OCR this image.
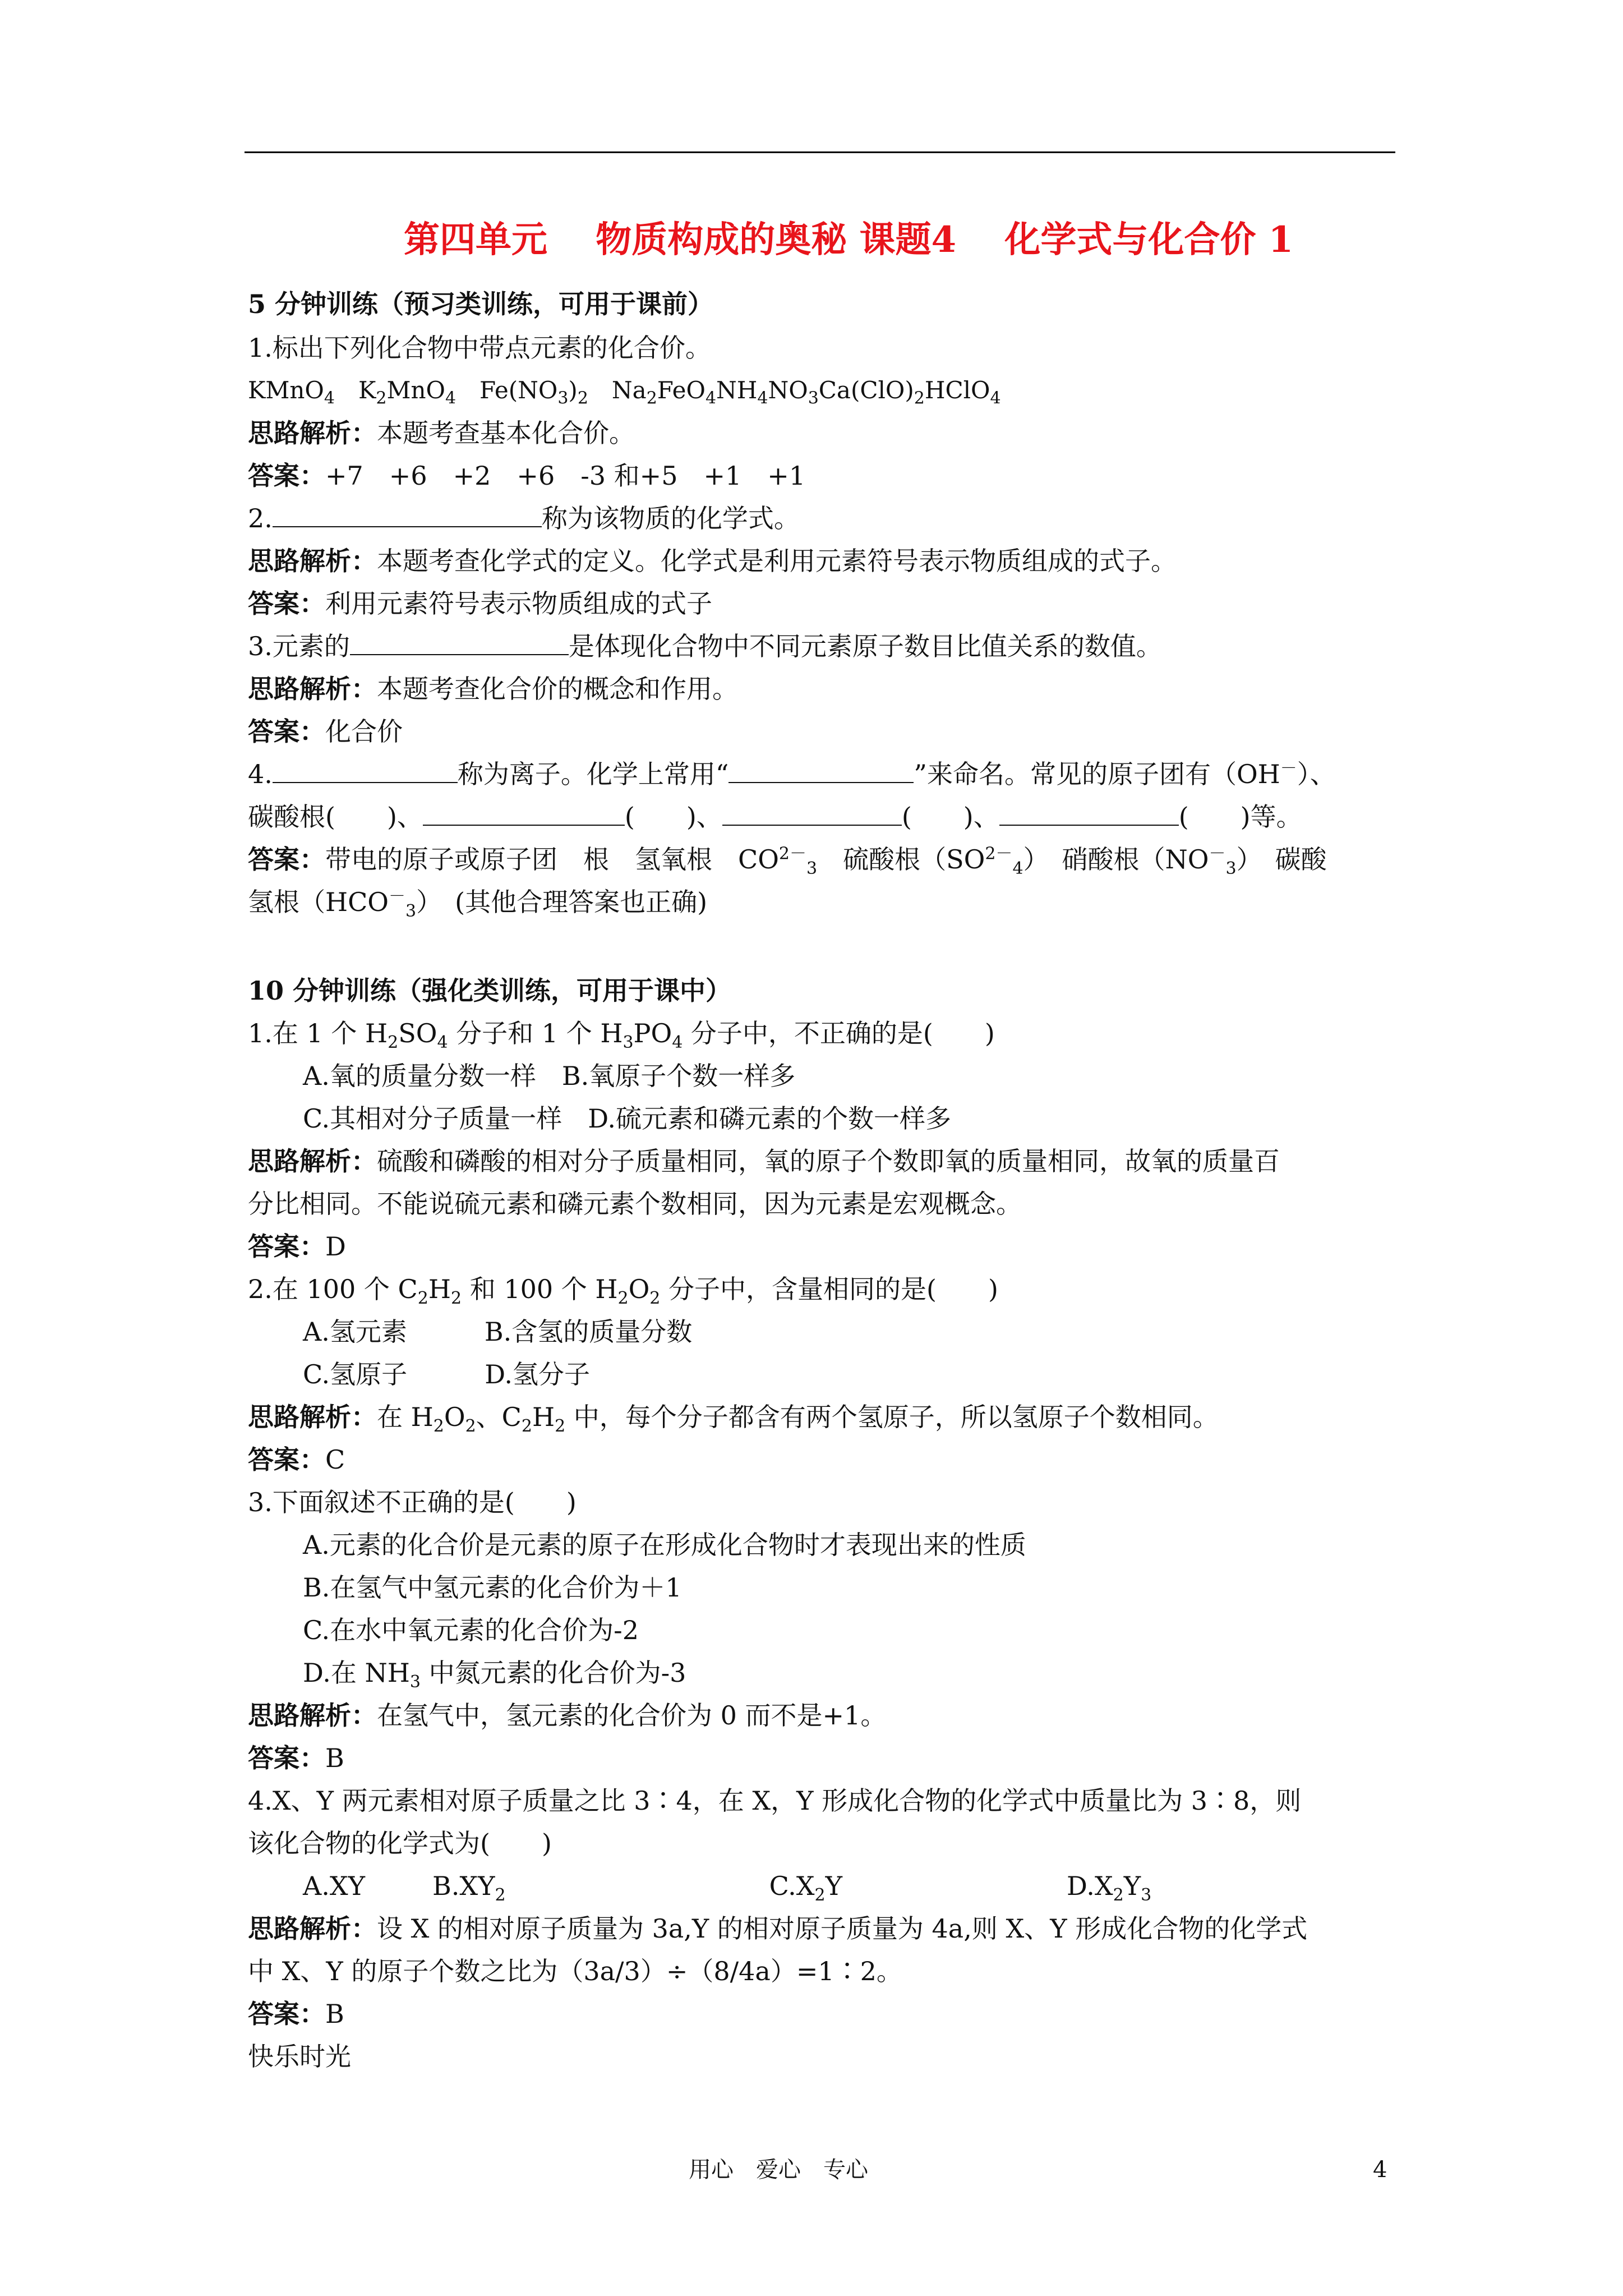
第四单元　 物质构成的奥秘 课题4　 化学式与化合价 1
5 分钟训练（预习类训练，可用于课前）
1.标出下列化合物中带点元素的化合价。
KMnO$_4$　$K_2MnO_4$　$Fe(NO_3)_2$　$Na_2FeO_4NH_4NO_3Ca(ClO)_2HClO_4$
思路解析：本题考查基本化合价。
答案：+7　+6　+2　+6　-3 和+5　+1　+1
2.	称为该物质的化学式。
思路解析：本题考查化学式的定义。化学式是利用元素符号表示物质组成的式子。
答案：利用元素符号表示物质组成的式子
3.元素的	是体现化合物中不同元素原子数目比值关系的数值。
思路解析：本题考查化合价的概念和作用。
答案：化合价
4.	称为离子。化学上常用“	”来命名。常见的原子团有（OH－）、
碳酸根(　　)、	(　　)、	(　　)、	(　　)等。
答案：带电的原子或原子团　根　氢氧根　$CO^{2-}_3$　 硫酸根$(SO^{2-}_4)$　硝酸根$(NO^-_3)$　碳酸
氢根$(HCO^-_3)$　(其他合理答案也正确)
10 分钟训练（强化类训练，可用于课中）
1.在 1 个 $H_2SO_4$ 分子和 1 个 $H_3PO_4$ 分子中，不正确的是(　　)
A.氧的质量分数一样　 B.氧原子个数一样多
C.其相对分子质量一样　 D.硫元素和磷元素的个数一样多
思路解析：硫酸和磷酸的相对分子质量相同，氧的原子个数即氧的质量相同，故氧的质量百
分比相同。不能说硫元素和磷元素个数相同，因为元素是宏观概念。
答案：D
2.在 100 个 $C_2H_2$ 和 100 个 $H_2O_2$ 分子中，含量相同的是(　　)
A.氢元素　　　	B.含氢的质量分数
C.氢原子　　　	D.氢分子
思路解析：在 $H_2O_2$、$C_2H_2$ 中，每个分子都含有两个氢原子，所以氢原子个数相同。
答案：C
3.下面叙述不正确的是(　　)
A.元素的化合价是元素的原子在形成化合物时才表现出来的性质
B.在氢气中氢元素的化合价为＋1
C.在水中氧元素的化合价为-2
D.在 $NH_3$ 中氮元素的化合价为-3
思路解析：在氢气中，氢元素的化合价为 0 而不是+1。
答案：B
4.X、Y 两元素相对原子质量之比 3∶4，在 X，Y 形成化合物的化学式中质量比为 3∶8，则
该化合物的化学式为(　　)
A.XY	$B.XY_2$	$C.X_2Y$	$D.X_2Y_3$
思路解析：设 X 的相对原子质量为 3a,Y 的相对原子质量为 4a,则 X、Y 形成化合物的化学式
中 X、Y 的原子个数之比为（3a/3）÷（8/4a）=1∶2。
答案：B
快乐时光
用心　爱心　专心	4
